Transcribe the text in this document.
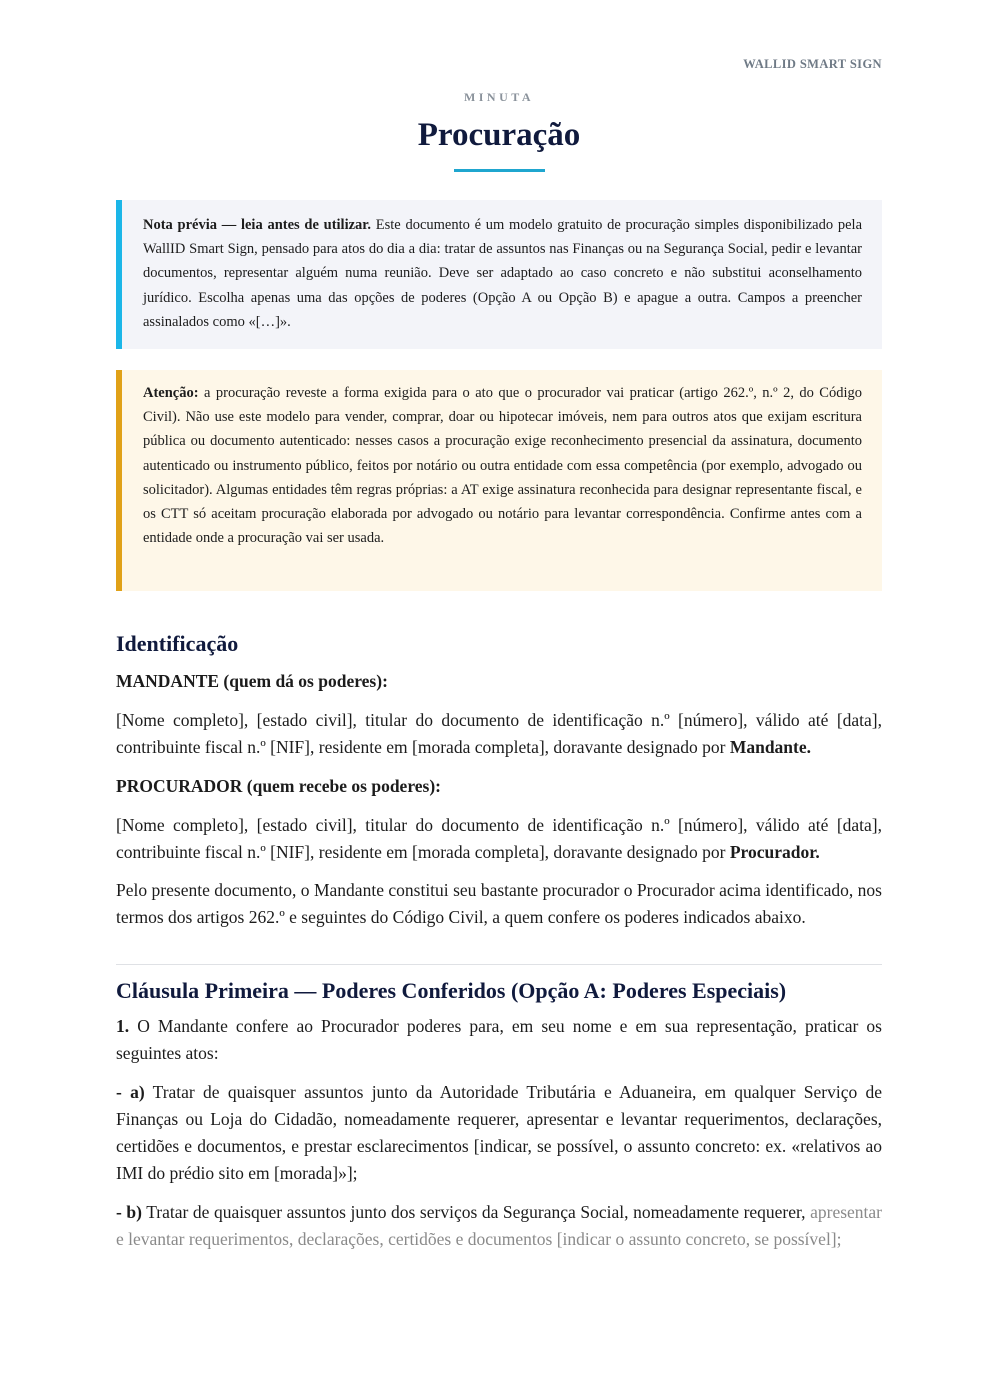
WALLID SMART SIGN
MINUTA
Procuração
Nota prévia — leia antes de utilizar. Este documento é um modelo gratuito de procuração simples disponibilizado pela WallID Smart Sign, pensado para atos do dia a dia: tratar de assuntos nas Finanças ou na Segurança Social, pedir e levantar documentos, representar alguém numa reunião. Deve ser adaptado ao caso concreto e não substitui aconselhamento jurídico. Escolha apenas uma das opções de poderes (Opção A ou Opção B) e apague a outra. Campos a preencher assinalados como «[…]».
Atenção: a procuração reveste a forma exigida para o ato que o procurador vai praticar (artigo 262.º, n.º 2, do Código Civil). Não use este modelo para vender, comprar, doar ou hipotecar imóveis, nem para outros atos que exijam escritura pública ou documento autenticado: nesses casos a procuração exige reconhecimento presencial da assinatura, documento autenticado ou instrumento público, feitos por notário ou outra entidade com essa competência (por exemplo, advogado ou solicitador). Algumas entidades têm regras próprias: a AT exige assinatura reconhecida para designar representante fiscal, e os CTT só aceitam procuração elaborada por advogado ou notário para levantar correspondência. Confirme antes com a entidade onde a procuração vai ser usada.
Identificação

MANDANTE (quem dá os poderes):

[Nome completo], [estado civil], titular do documento de identificação n.º [número], válido até [data], contribuinte fiscal n.º [NIF], residente em [morada completa], doravante designado por Mandante.

PROCURADOR (quem recebe os poderes):

[Nome completo], [estado civil], titular do documento de identificação n.º [número], válido até [data], contribuinte fiscal n.º [NIF], residente em [morada completa], doravante designado por Procurador.

Pelo presente documento, o Mandante constitui seu bastante procurador o Procurador acima identificado, nos termos dos artigos 262.º e seguintes do Código Civil, a quem confere os poderes indicados abaixo.

Cláusula Primeira — Poderes Conferidos (Opção A: Poderes Especiais)

1. O Mandante confere ao Procurador poderes para, em seu nome e em sua representação, praticar os seguintes atos:

- a) Tratar de quaisquer assuntos junto da Autoridade Tributária e Aduaneira, em qualquer Serviço de Finanças ou Loja do Cidadão, nomeadamente requerer, apresentar e levantar requerimentos, declarações, certidões e documentos, e prestar esclarecimentos [indicar, se possível, o assunto concreto: ex. «relativos ao IMI do prédio sito em [morada]»];

- b) Tratar de quaisquer assuntos junto dos serviços da Segurança Social, nomeadamente requerer, apresentar e levantar requerimentos, declarações, certidões e documentos [indicar o assunto concreto, se possível];
